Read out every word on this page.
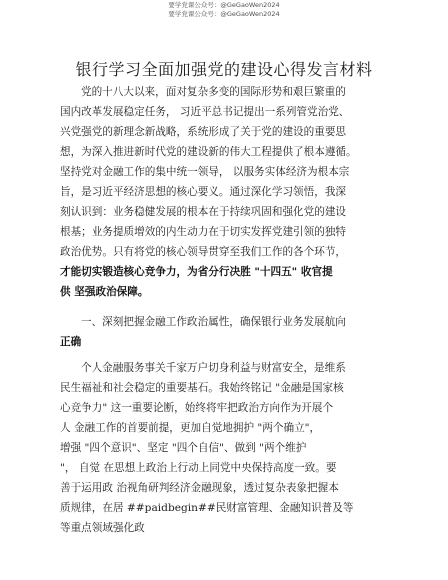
要学党课公众号：@GeGaoWen2024
要学党课公众号：@GeGaoWen2024
银行学习全面加强党的建设心得发言材料
党的十八大以来，面对复杂多变的国际形势和艰巨繁重的
国内改革发展稳定任务， 习近平总书记提出一系列管党治党、
兴党强党的新理念新战略，系统形成了关于党的建设的重要思
想，为深入推进新时代党的建设新的伟大工程提供了根本遵循。
坚持党对金融工作的集中统一领导， 以服务实体经济为根本宗
旨，是习近平经济思想的核心要义。通过深化学习领悟，我深
刻认识到：业务稳健发展的根本在于持续巩固和强化党的建设
根基；业务提质增效的内生动力在于切实发挥党建引领的独特
政治优势。只有将党的核心领导贯穿至我们工作的各个环节，
才能切实锻造核心竞争力，为省分行决胜 "十四五" 收官提
供 坚强政治保障。
一、深刻把握金融工作政治属性，确保银行业务发展航向
正确
个人金融服务事关千家万户切身利益与财富安全，是维系
民生福祉和社会稳定的重要基石。我始终铭记 "金融是国家核
心竞争力" 这一重要论断，始终将牢把政治方向作为开展个
人 金融工作的首要前提，更加自觉地拥护 "两个确立"，
增强 "四个意识"、坚定 "四个自信"、做到 "两个维护
"， 自觉 在思想上政治上行动上同党中央保持高度一致。要
善于运用政 治视角研判经济金融现象，透过复杂表象把握本
质规律，在居 ##paidbegin##民财富管理、金融知识普及等
等重点领域强化政
